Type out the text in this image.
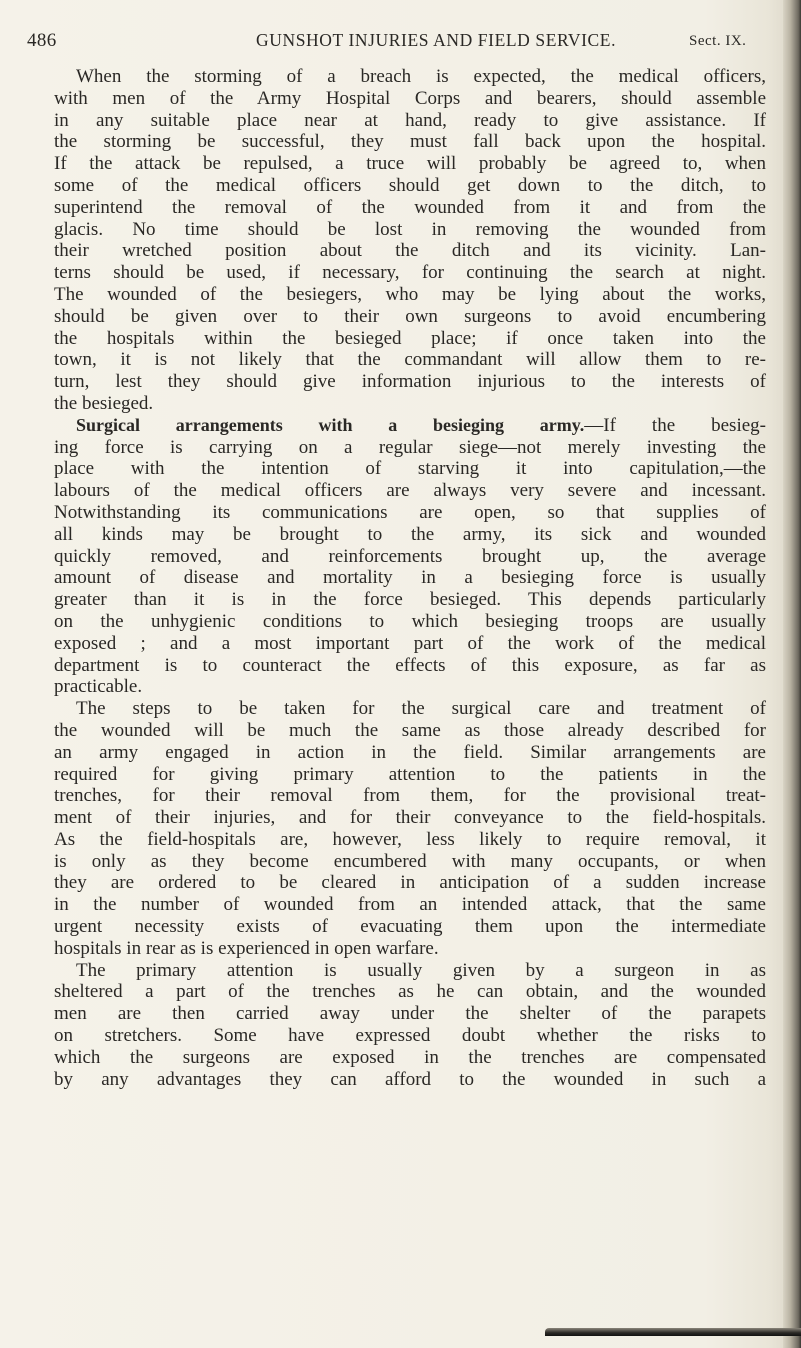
486	GUNSHOT INJURIES AND FIELD SERVICE.	Sect. IX.
When the storming of a breach is expected, the medical officers,
with men of the Army Hospital Corps and bearers, should assemble
in any suitable place near at hand, ready to give assistance. If
the storming be successful, they must fall back upon the hospital.
If the attack be repulsed, a truce will probably be agreed to, when
some of the medical officers should get down to the ditch, to
superintend the removal of the wounded from it and from the
glacis. No time should be lost in removing the wounded from
their wretched position about the ditch and its vicinity. Lan-
terns should be used, if necessary, for continuing the search at night.
The wounded of the besiegers, who may be lying about the works,
should be given over to their own surgeons to avoid encumbering
the hospitals within the besieged place; if once taken into the
town, it is not likely that the commandant will allow them to re-
turn, lest they should give information injurious to the interests of
the besieged.
Surgical arrangements with a besieging army.—If the besieg-
ing force is carrying on a regular siege—not merely investing the
place with the intention of starving it into capitulation,—the
labours of the medical officers are always very severe and incessant.
Notwithstanding its communications are open, so that supplies of
all kinds may be brought to the army, its sick and wounded
quickly removed, and reinforcements brought up, the average
amount of disease and mortality in a besieging force is usually
greater than it is in the force besieged. This depends particularly
on the unhygienic conditions to which besieging troops are usually
exposed ; and a most important part of the work of the medical
department is to counteract the effects of this exposure, as far as
practicable.
The steps to be taken for the surgical care and treatment of
the wounded will be much the same as those already described for
an army engaged in action in the field. Similar arrangements are
required for giving primary attention to the patients in the
trenches, for their removal from them, for the provisional treat-
ment of their injuries, and for their conveyance to the field-hospitals.
As the field-hospitals are, however, less likely to require removal, it
is only as they become encumbered with many occupants, or when
they are ordered to be cleared in anticipation of a sudden increase
in the number of wounded from an intended attack, that the same
urgent necessity exists of evacuating them upon the intermediate
hospitals in rear as is experienced in open warfare.
The primary attention is usually given by a surgeon in as
sheltered a part of the trenches as he can obtain, and the wounded
men are then carried away under the shelter of the parapets
on stretchers. Some have expressed doubt whether the risks to
which the surgeons are exposed in the trenches are compensated
by any advantages they can afford to the wounded in such a
